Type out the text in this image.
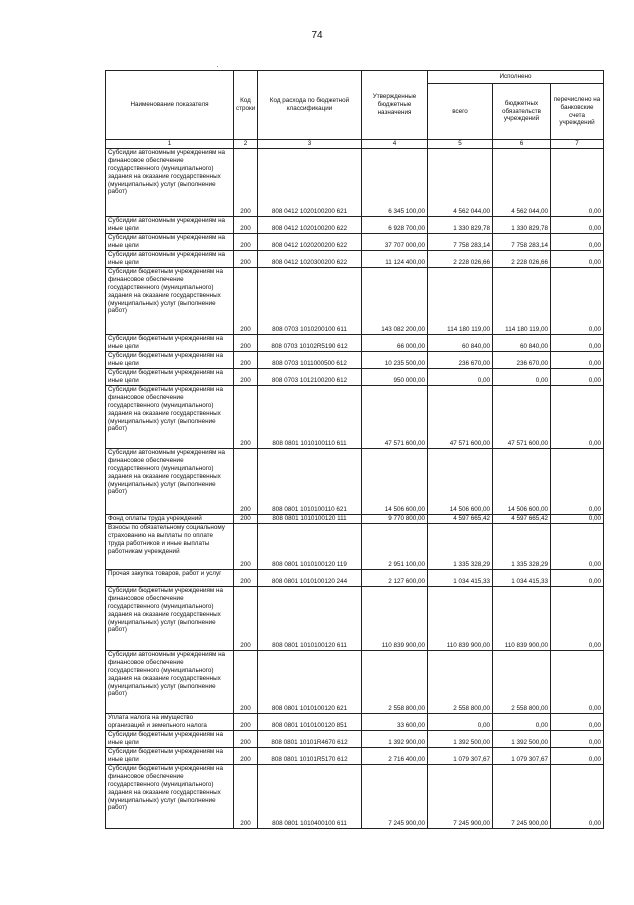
74
·
Наименование показателя	Код строки	Код расхода по бюджетной классификации	Утвержденные бюджетные назначения	Исполнено		
				всего	бюджетных обязательств учреждений	перечислено на банковские счета учреждений
1	2	3	4	5	6	7
Субсидии автономным учреждениям на финансовое обеспечение государственного (муниципального) задания на оказание государственных (муниципальных) услуг (выполнение работ)	200	808 0412 1020100200 621	6 345 100,00	4 562 044,00	4 562 044,00	0,00
Субсидии автономным учреждениям на иные цели	200	808 0412 1020100200 622	6 928 700,00	1 330 829,78	1 330 829,78	0,00
Субсидии автономным учреждениям на иные цели	200	808 0412 1020200200 622	37 707 000,00	7 758 283,14	7 758 283,14	0,00
Субсидии автономным учреждениям на иные цели	200	808 0412 1020300200 622	11 124 400,00	2 228 026,66	2 228 026,66	0,00
Субсидии бюджетным учреждениям на финансовое обеспечение государственного (муниципального) задания на оказание государственных (муниципальных) услуг (выполнение работ)	200	808 0703 1010200100 611	143 082 200,00	114 180 119,00	114 180 119,00	0,00
Субсидии бюджетным учреждениям на иные цели	200	808 0703 10102R5190 612	66 000,00	60 840,00	60 840,00	0,00
Субсидии бюджетным учреждениям на иные цели	200	808 0703 1011000500 612	10 235 500,00	236 670,00	236 670,00	0,00
Субсидии бюджетным учреждениям на иные цели	200	808 0703 1012100200 612	950 000,00	0,00	0,00	0,00
Субсидии бюджетным учреждениям на финансовое обеспечение государственного (муниципального) задания на оказание государственных (муниципальных) услуг (выполнение работ)	200	808 0801 1010100110 611	47 571 600,00	47 571 600,00	47 571 600,00	0,00
Субсидии автономным учреждениям на финансовое обеспечение государственного (муниципального) задания на оказание государственных (муниципальных) услуг (выполнение работ)	200	808 0801 1010100110 621	14 506 600,00	14 506 600,00	14 506 600,00	0,00
Фонд оплаты труда учреждений	200	808 0801 1010100120 111	9 770 800,00	4 597 665,42	4 597 665,42	0,00
Взносы по обязательному социальному страхованию на выплаты по оплате труда работников и иные выплаты работникам учреждений	200	808 0801 1010100120 119	2 951 100,00	1 335 328,29	1 335 328,29	0,00
Прочая закупка товаров, работ и услуг	200	808 0801 1010100120 244	2 127 600,00	1 034 415,33	1 034 415,33	0,00
Субсидии бюджетным учреждениям на финансовое обеспечение государственного (муниципального) задания на оказание государственных (муниципальных) услуг (выполнение работ)	200	808 0801 1010100120 611	110 839 900,00	110 839 900,00	110 839 900,00	0,00
Субсидии автономным учреждениям на финансовое обеспечение государственного (муниципального) задания на оказание государственных (муниципальных) услуг (выполнение работ)	200	808 0801 1010100120 621	2 558 800,00	2 558 800,00	2 558 800,00	0,00
Уплата налога на имущество организаций и земельного налога	200	808 0801 1010100120 851	33 600,00	0,00	0,00	0,00
Субсидии бюджетным учреждениям на иные цели	200	808 0801 10101R4670 612	1 392 900,00	1 392 500,00	1 392 500,00	0,00
Субсидии бюджетным учреждениям на иные цели	200	808 0801 10101R5170 612	2 716 400,00	1 079 307,67	1 079 307,67	0,00
Субсидии бюджетным учреждениям на финансовое обеспечение государственного (муниципального) задания на оказание государственных (муниципальных) услуг (выполнение работ)	200	808 0801 1010400100 611	7 245 900,00	7 245 900,00	7 245 900,00	0,00
